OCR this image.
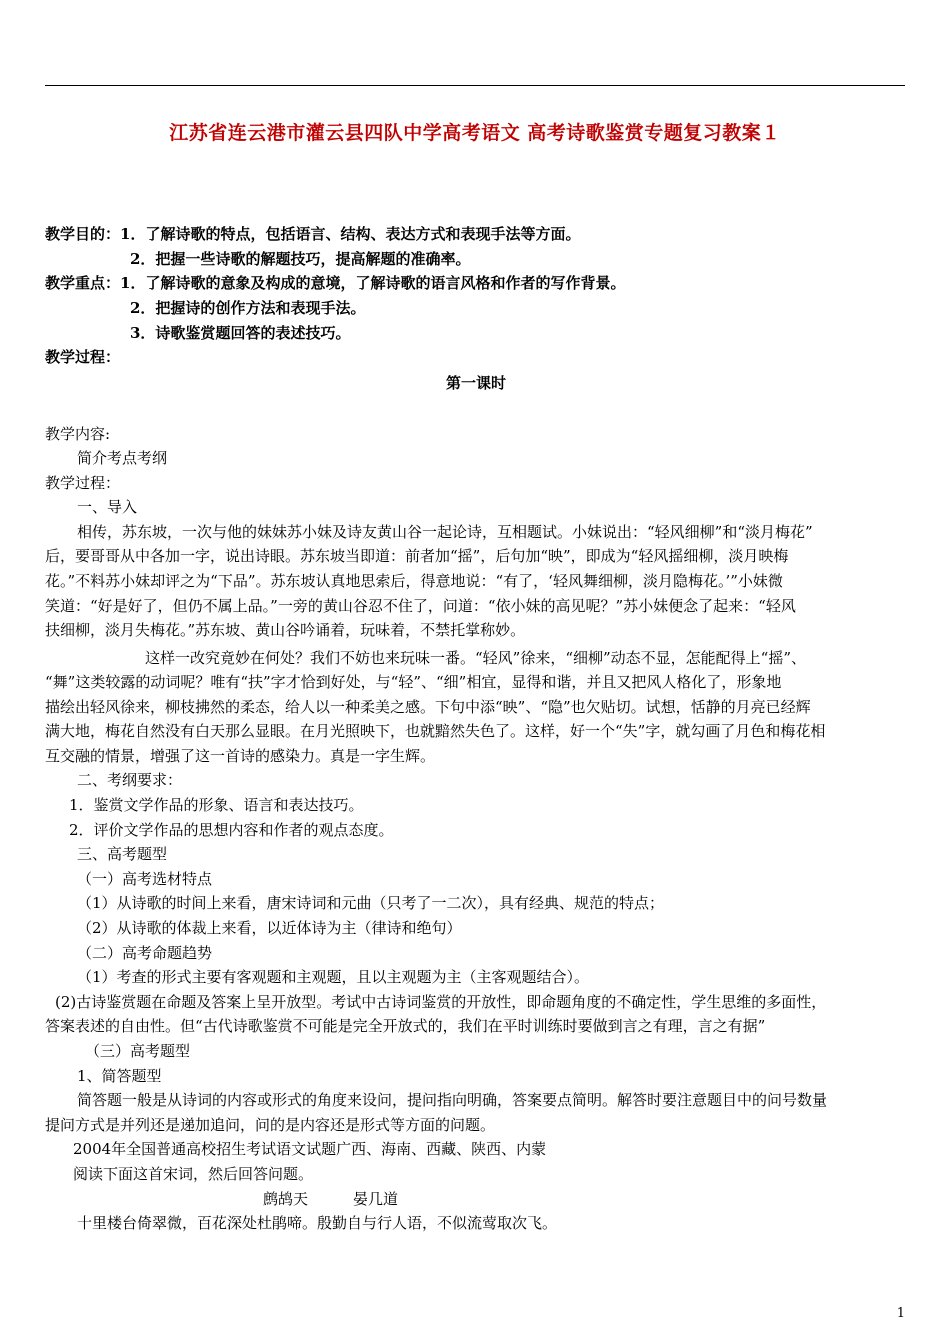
江苏省连云港市灌云县四队中学高考语文 高考诗歌鉴赏专题复习教案１
教学目的：1．了解诗歌的特点，包括语言、结构、表达方式和表现手法等方面。
2．把握一些诗歌的解题技巧，提高解题的准确率。
教学重点：1．了解诗歌的意象及构成的意境，了解诗歌的语言风格和作者的写作背景。
2．把握诗的创作方法和表现手法。
3．诗歌鉴赏题回答的表述技巧。
教学过程：
第一课时
教学内容:
简介考点考纲
教学过程：
一、导入
相传，苏东坡，一次与他的妹妹苏小妹及诗友黄山谷一起论诗，互相题试。小妹说出：“轻风细柳”和“淡月梅花”
后，要哥哥从中各加一字，说出诗眼。苏东坡当即道：前者加“摇”，后句加“映”，即成为“轻风摇细柳，淡月映梅
花。”不料苏小妹却评之为“下品”。苏东坡认真地思索后，得意地说：“有了，‘轻风舞细柳，淡月隐梅花。’”小妹微
笑道：“好是好了，但仍不属上品。”一旁的黄山谷忍不住了，问道：“依小妹的高见呢？”苏小妹便念了起来：“轻风
扶细柳，淡月失梅花。”苏东坡、黄山谷吟诵着，玩味着，不禁托掌称妙。
这样一改究竟妙在何处？我们不妨也来玩味一番。“轻风”徐来，“细柳”动态不显，怎能配得上“摇”、
“舞”这类较露的动词呢？唯有“扶”字才恰到好处，与“轻”、“细”相宜，显得和谐，并且又把风人格化了，形象地
描绘出轻风徐来，柳枝拂然的柔态，给人以一种柔美之感。下句中添“映”、“隐”也欠贴切。试想，恬静的月亮已经辉
满大地，梅花自然没有白天那么显眼。在月光照映下，也就黯然失色了。这样，好一个“失”字，就勾画了月色和梅花相
互交融的情景，增强了这一首诗的感染力。真是一字生辉。
二、考纲要求：
1．鉴赏文学作品的形象、语言和表达技巧。
2．评价文学作品的思想内容和作者的观点态度。
三、高考题型
（一）高考选材特点
（1）从诗歌的时间上来看，唐宋诗词和元曲（只考了一二次），具有经典、规范的特点；
（2）从诗歌的体裁上来看，以近体诗为主（律诗和绝句）
（二）高考命题趋势
（1）考查的形式主要有客观题和主观题，且以主观题为主（主客观题结合）。
(2)古诗鉴赏题在命题及答案上呈开放型。考试中古诗词鉴赏的开放性，即命题角度的不确定性，学生思维的多面性，
答案表述的自由性。但“古代诗歌鉴赏不可能是完全开放式的，我们在平时训练时要做到言之有理，言之有据”
（三）高考题型
1、简答题型
简答题一般是从诗词的内容或形式的角度来设问，提问指向明确，答案要点简明。解答时要注意题目中的问号数量
提问方式是并列还是递加追问，问的是内容还是形式等方面的问题。
2004年全国普通高校招生考试语文试题广西、海南、西藏、陕西、内蒙
阅读下面这首宋词，然后回答问题。
鹧鸪天　　　晏几道
十里楼台倚翠微，百花深处杜鹃啼。殷勤自与行人语，不似流莺取次飞。
1
